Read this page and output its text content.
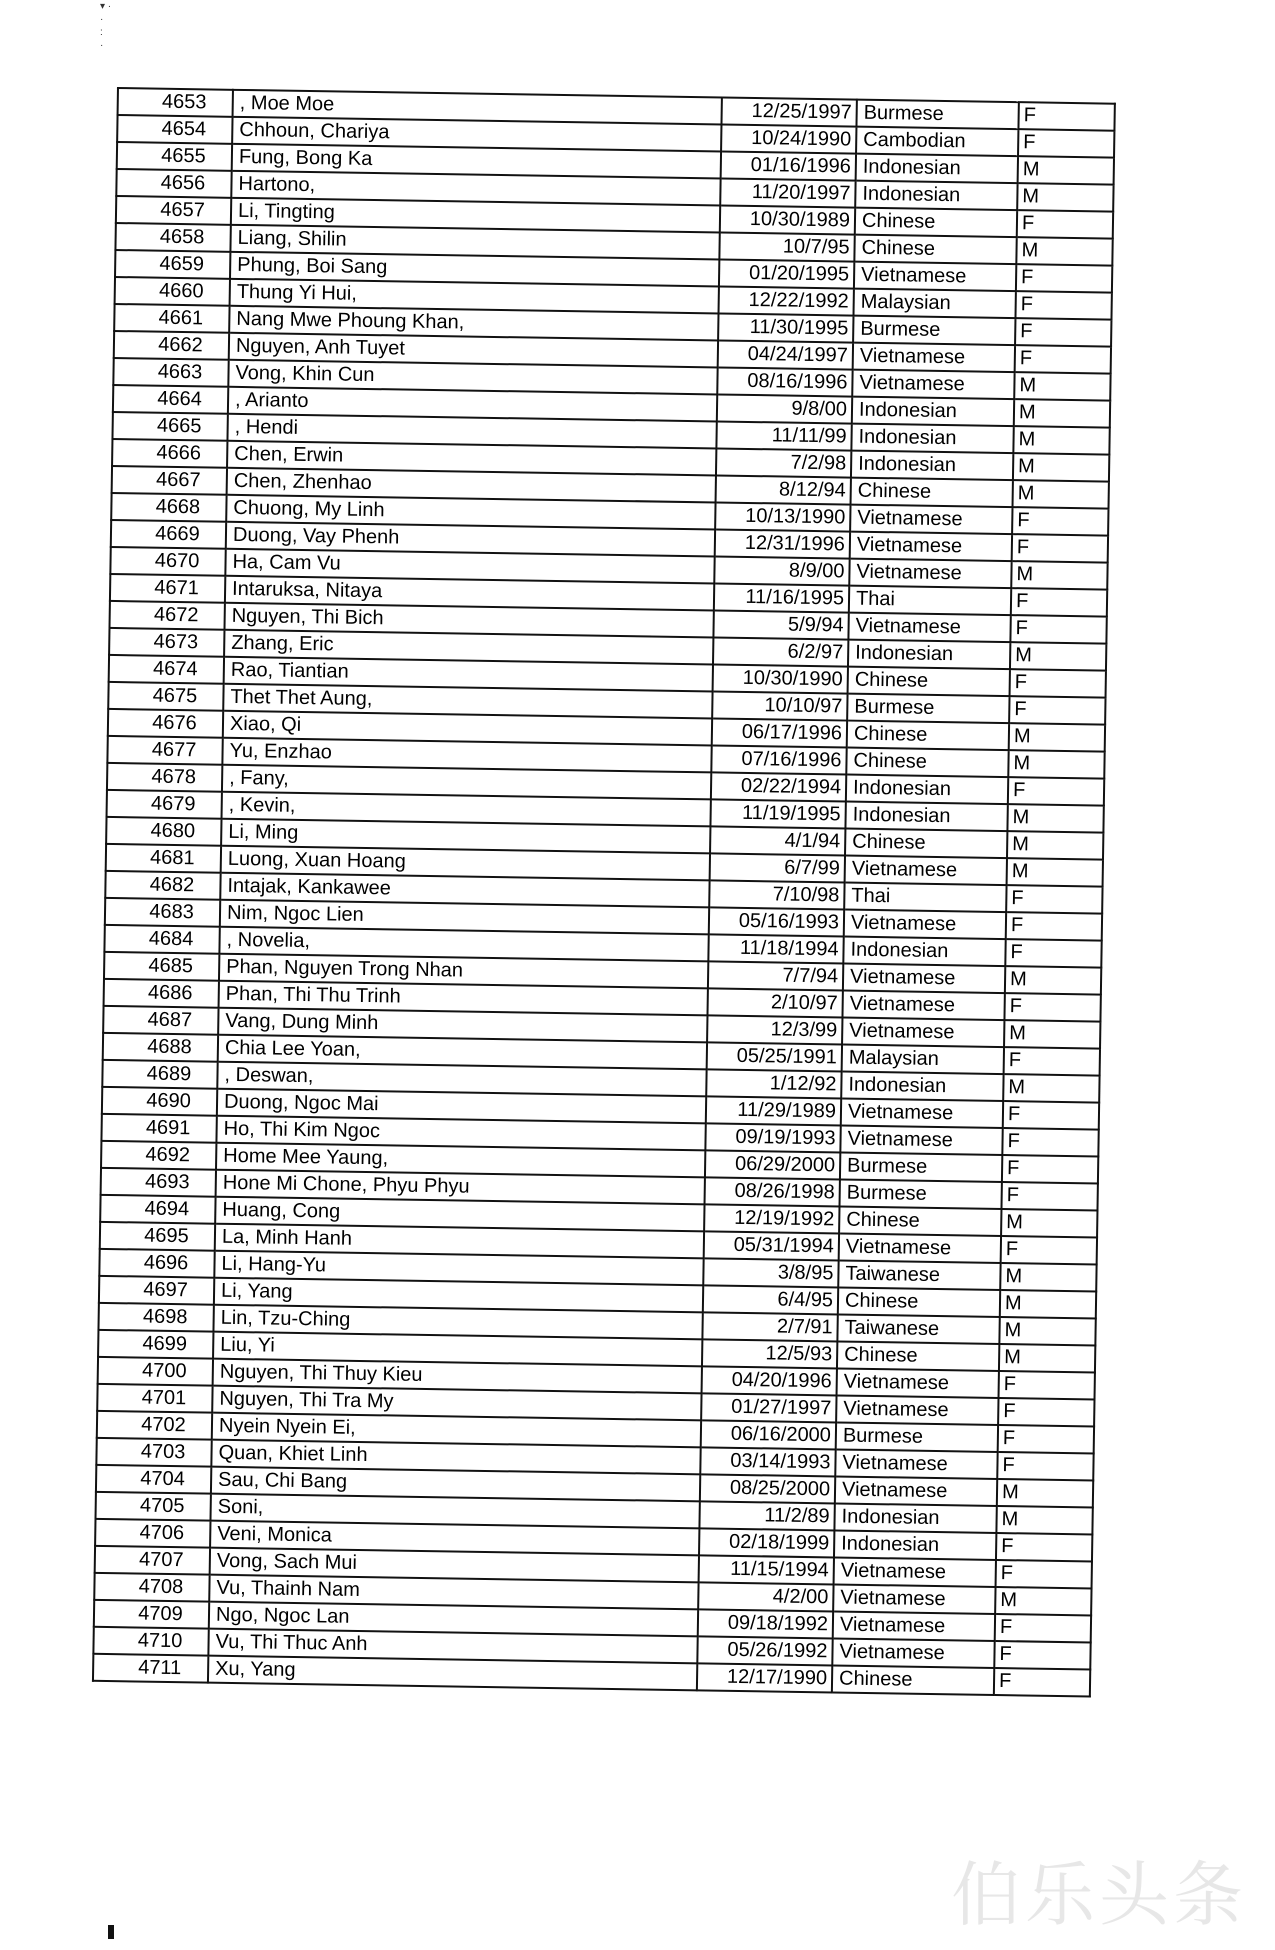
▾ ·
·
:
·
4653	, Moe Moe	12/25/1997	Burmese	F
4654	Chhoun, Chariya	10/24/1990	Cambodian	F
4655	Fung, Bong Ka	01/16/1996	Indonesian	M
4656	Hartono,	11/20/1997	Indonesian	M
4657	Li, Tingting	10/30/1989	Chinese	F
4658	Liang, Shilin	10/7/95	Chinese	M
4659	Phung, Boi Sang	01/20/1995	Vietnamese	F
4660	Thung Yi Hui,	12/22/1992	Malaysian	F
4661	Nang Mwe Phoung Khan,	11/30/1995	Burmese	F
4662	Nguyen, Anh Tuyet	04/24/1997	Vietnamese	F
4663	Vong, Khin Cun	08/16/1996	Vietnamese	M
4664	, Arianto	9/8/00	Indonesian	M
4665	, Hendi	11/11/99	Indonesian	M
4666	Chen, Erwin	7/2/98	Indonesian	M
4667	Chen, Zhenhao	8/12/94	Chinese	M
4668	Chuong, My Linh	10/13/1990	Vietnamese	F
4669	Duong, Vay Phenh	12/31/1996	Vietnamese	F
4670	Ha, Cam Vu	8/9/00	Vietnamese	M
4671	Intaruksa, Nitaya	11/16/1995	Thai	F
4672	Nguyen, Thi Bich	5/9/94	Vietnamese	F
4673	Zhang, Eric	6/2/97	Indonesian	M
4674	Rao, Tiantian	10/30/1990	Chinese	F
4675	Thet Thet Aung,	10/10/97	Burmese	F
4676	Xiao, Qi	06/17/1996	Chinese	M
4677	Yu, Enzhao	07/16/1996	Chinese	M
4678	, Fany,	02/22/1994	Indonesian	F
4679	, Kevin,	11/19/1995	Indonesian	M
4680	Li, Ming	4/1/94	Chinese	M
4681	Luong, Xuan Hoang	6/7/99	Vietnamese	M
4682	Intajak, Kankawee	7/10/98	Thai	F
4683	Nim, Ngoc Lien	05/16/1993	Vietnamese	F
4684	, Novelia,	11/18/1994	Indonesian	F
4685	Phan, Nguyen Trong Nhan	7/7/94	Vietnamese	M
4686	Phan, Thi Thu Trinh	2/10/97	Vietnamese	F
4687	Vang, Dung Minh	12/3/99	Vietnamese	M
4688	Chia Lee Yoan,	05/25/1991	Malaysian	F
4689	, Deswan,	1/12/92	Indonesian	M
4690	Duong, Ngoc Mai	11/29/1989	Vietnamese	F
4691	Ho, Thi Kim Ngoc	09/19/1993	Vietnamese	F
4692	Home Mee Yaung,	06/29/2000	Burmese	F
4693	Hone Mi Chone, Phyu Phyu	08/26/1998	Burmese	F
4694	Huang, Cong	12/19/1992	Chinese	M
4695	La, Minh Hanh	05/31/1994	Vietnamese	F
4696	Li, Hang-Yu	3/8/95	Taiwanese	M
4697	Li, Yang	6/4/95	Chinese	M
4698	Lin, Tzu-Ching	2/7/91	Taiwanese	M
4699	Liu, Yi	12/5/93	Chinese	M
4700	Nguyen, Thi Thuy Kieu	04/20/1996	Vietnamese	F
4701	Nguyen, Thi Tra My	01/27/1997	Vietnamese	F
4702	Nyein Nyein Ei,	06/16/2000	Burmese	F
4703	Quan, Khiet Linh	03/14/1993	Vietnamese	F
4704	Sau, Chi Bang	08/25/2000	Vietnamese	M
4705	Soni,	11/2/89	Indonesian	M
4706	Veni, Monica	02/18/1999	Indonesian	F
4707	Vong, Sach Mui	11/15/1994	Vietnamese	F
4708	Vu, Thainh Nam	4/2/00	Vietnamese	M
4709	Ngo, Ngoc Lan	09/18/1992	Vietnamese	F
4710	Vu, Thi Thuc Anh	05/26/1992	Vietnamese	F
4711	Xu, Yang	12/17/1990	Chinese	F
伯乐头条
